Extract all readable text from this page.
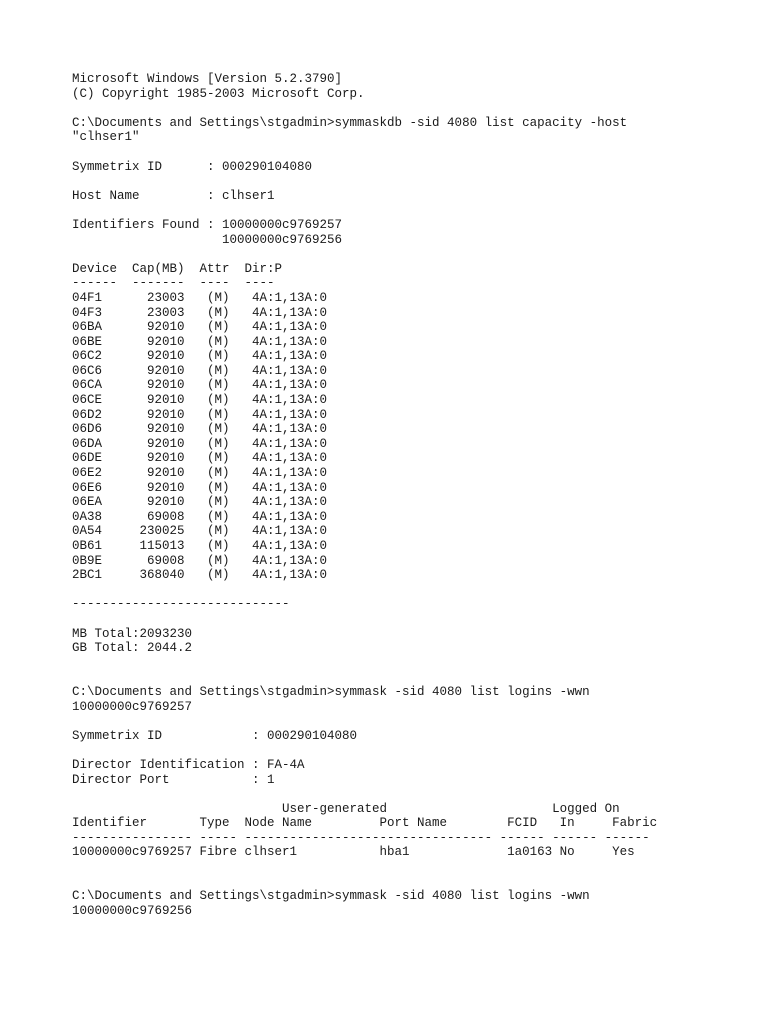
Microsoft Windows [Version 5.2.3790]
(C) Copyright 1985-2003 Microsoft Corp.
C:\Documents and Settings\stgadmin>symmaskdb -sid 4080 list capacity -host
"clhser1"
Symmetrix ID      : 000290104080
Host Name         : clhser1
Identifiers Found : 10000000c9769257
10000000c9769256
Device  Cap(MB)  Attr  Dir:P
------  -------  ----  ----
04F1      23003   (M)   4A:1,13A:0
04F3      23003   (M)   4A:1,13A:0
06BA      92010   (M)   4A:1,13A:0
06BE      92010   (M)   4A:1,13A:0
06C2      92010   (M)   4A:1,13A:0
06C6      92010   (M)   4A:1,13A:0
06CA      92010   (M)   4A:1,13A:0
06CE      92010   (M)   4A:1,13A:0
06D2      92010   (M)   4A:1,13A:0
06D6      92010   (M)   4A:1,13A:0
06DA      92010   (M)   4A:1,13A:0
06DE      92010   (M)   4A:1,13A:0
06E2      92010   (M)   4A:1,13A:0
06E6      92010   (M)   4A:1,13A:0
06EA      92010   (M)   4A:1,13A:0
0A38      69008   (M)   4A:1,13A:0
0A54     230025   (M)   4A:1,13A:0
0B61     115013   (M)   4A:1,13A:0
0B9E      69008   (M)   4A:1,13A:0
2BC1     368040   (M)   4A:1,13A:0
-----------------------------
MB Total:2093230
GB Total: 2044.2
C:\Documents and Settings\stgadmin>symmask -sid 4080 list logins -wwn
10000000c9769257
Symmetrix ID            : 000290104080
Director Identification : FA-4A
Director Port           : 1
User-generated                      Logged On
Identifier       Type  Node Name         Port Name        FCID   In     Fabric
---------------- ----- --------------------------------- ------ ------ ------
10000000c9769257 Fibre clhser1           hba1             1a0163 No     Yes
C:\Documents and Settings\stgadmin>symmask -sid 4080 list logins -wwn
10000000c9769256
